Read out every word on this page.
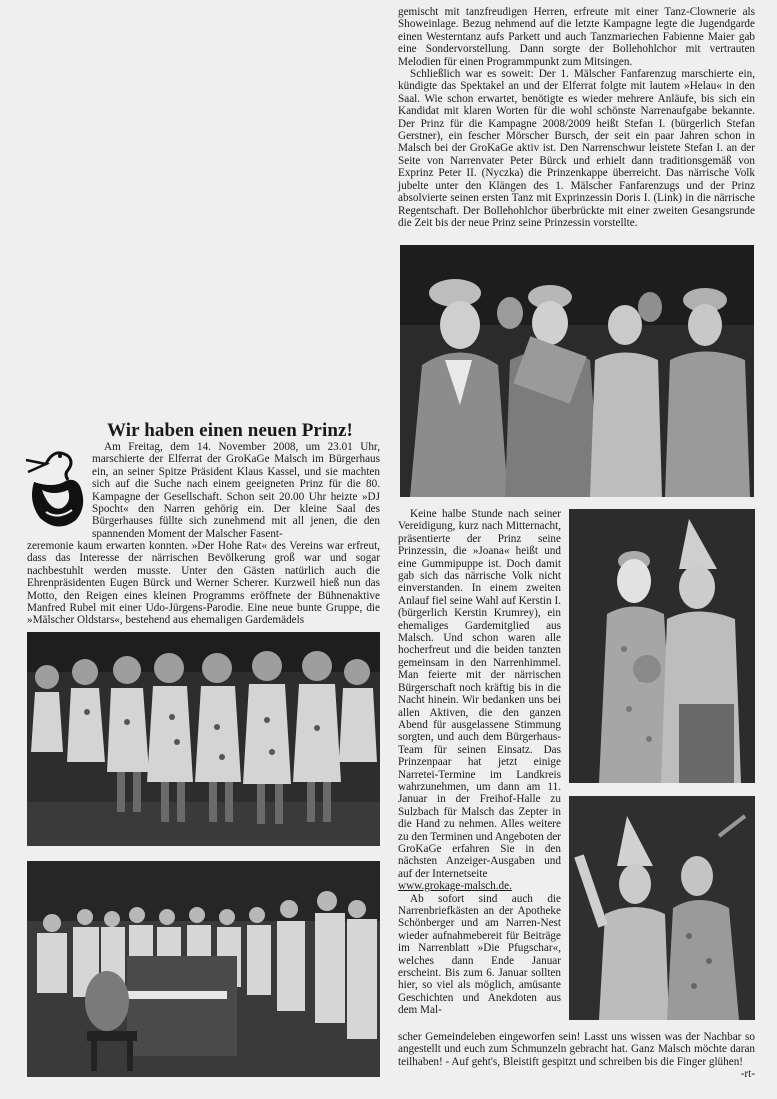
gemischt mit tanzfreudigen Herren, erfreute mit einer Tanz-Clownerie als Showeinlage. Bezug nehmend auf die letzte Kampagne legte die Jugendgarde einen Westerntanz aufs Parkett und auch Tanzmariechen Fabienne Maier gab eine Sondervorstellung. Dann sorgte der Bollehohlchor mit vertrauten Melodien für einen Programmpunkt zum Mitsingen.

Schließlich war es soweit: Der 1. Mälscher Fanfarenzug marschierte ein, kündigte das Spektakel an und der Elferrat folgte mit lautem »Helau« in den Saal. Wie schon erwartet, benötigte es wieder mehrere Anläufe, bis sich ein Kandidat mit klaren Worten für die wohl schönste Narrenaufgabe bekannte. Der Prinz für die Kampagne 2008/2009 heißt Stefan I. (bürgerlich Stefan Gerstner), ein fescher Mörscher Bursch, der seit ein paar Jahren schon in Malsch bei der GroKaGe aktiv ist. Den Narrenschwur leistete Stefan I. an der Seite von Narrenvater Peter Bürck und erhielt dann traditionsgemäß von Exprinz Peter II. (Nyczka) die Prinzenkappe überreicht. Das närrische Volk jubelte unter den Klängen des 1. Mälscher Fanfarenzugs und der Prinz absolvierte seinen ersten Tanz mit Exprinzessin Doris I. (Link) in die närrische Regentschaft. Der Bollehohlchor überbrückte mit einer zweiten Gesangsrunde die Zeit bis der neue Prinz seine Prinzessin vorstellte.

Wir haben einen neuen Prinz!

Am Freitag, dem 14. November 2008, um 23.01 Uhr, marschierte der Elferrat der GroKaGe Malsch im Bürgerhaus ein, an seiner Spitze Präsident Klaus Kassel, und sie machten sich auf die Suche nach einem geeigneten Prinz für die 80. Kampagne der Gesellschaft. Schon seit 20.00 Uhr heizte »DJ Spocht« den Narren gehörig ein. Der kleine Saal des Bürgerhauses füllte sich zunehmend mit all jenen, die den spannenden Moment der Malscher Fasent-

zeremonie kaum erwarten konnten. »Der Hohe Rat« des Vereins war erfreut, dass das Interesse der närrischen Bevölkerung groß war und sogar nachbestuhlt werden musste. Unter den Gästen natürlich auch die Ehrenpräsidenten Eugen Bürck und Werner Scherer. Kurzweil hieß nun das Motto, den Reigen eines kleinen Programms eröffnete der Bühnenaktive Manfred Rubel mit einer Udo-Jürgens-Parodie. Eine neue bunte Gruppe, die »Mälscher Oldstars«, bestehend aus ehemaligen Gardemädels

Keine halbe Stunde nach seiner Vereidigung, kurz nach Mitternacht, präsentierte der Prinz seine Prinzessin, die »Joana« heißt und eine Gummipuppe ist. Doch damit gab sich das närrische Volk nicht einverstanden. In einem zweiten Anlauf fiel seine Wahl auf Kerstin I. (bürgerlich Kerstin Krumrey), ein ehemaliges Gardemitglied aus Malsch. Und schon waren alle hocherfreut und die beiden tanzten gemeinsam in den Narrenhimmel. Man feierte mit der närrischen Bürgerschaft noch kräftig bis in die Nacht hinein. Wir bedanken uns bei allen Aktiven, die den ganzen Abend für ausgelassene Stimmung sorgten, und auch dem Bürgerhaus-Team für seinen Einsatz. Das Prinzenpaar hat jetzt einige Narretei-Termine im Landkreis wahrzunehmen, um dann am 11. Januar in der Freihof-Halle zu Sulzbach für Malsch das Zepter in die Hand zu nehmen. Alles weitere zu den Terminen und Angeboten der GroKaGe erfahren Sie in den nächsten Anzeiger-Ausgaben und auf der Internetseite
www.grokage-malsch.de.

Ab sofort sind auch die Narrenbriefkästen an der Apotheke Schönberger und am Narren-Nest wieder aufnahmebereit für Beiträge im Narrenblatt »Die Pfugschar«, welches dann Ende Januar erscheint. Bis zum 6. Januar sollten hier, so viel als möglich, amüsante Geschichten und Anekdoten aus dem Mal-

scher Gemeindeleben eingeworfen sein! Lasst uns wissen was der Nachbar so angestellt und euch zum Schmunzeln gebracht hat. Ganz Malsch möchte daran teilhaben! - Auf geht's, Bleistift gespitzt und schreiben bis die Finger glühen!
-rt-
